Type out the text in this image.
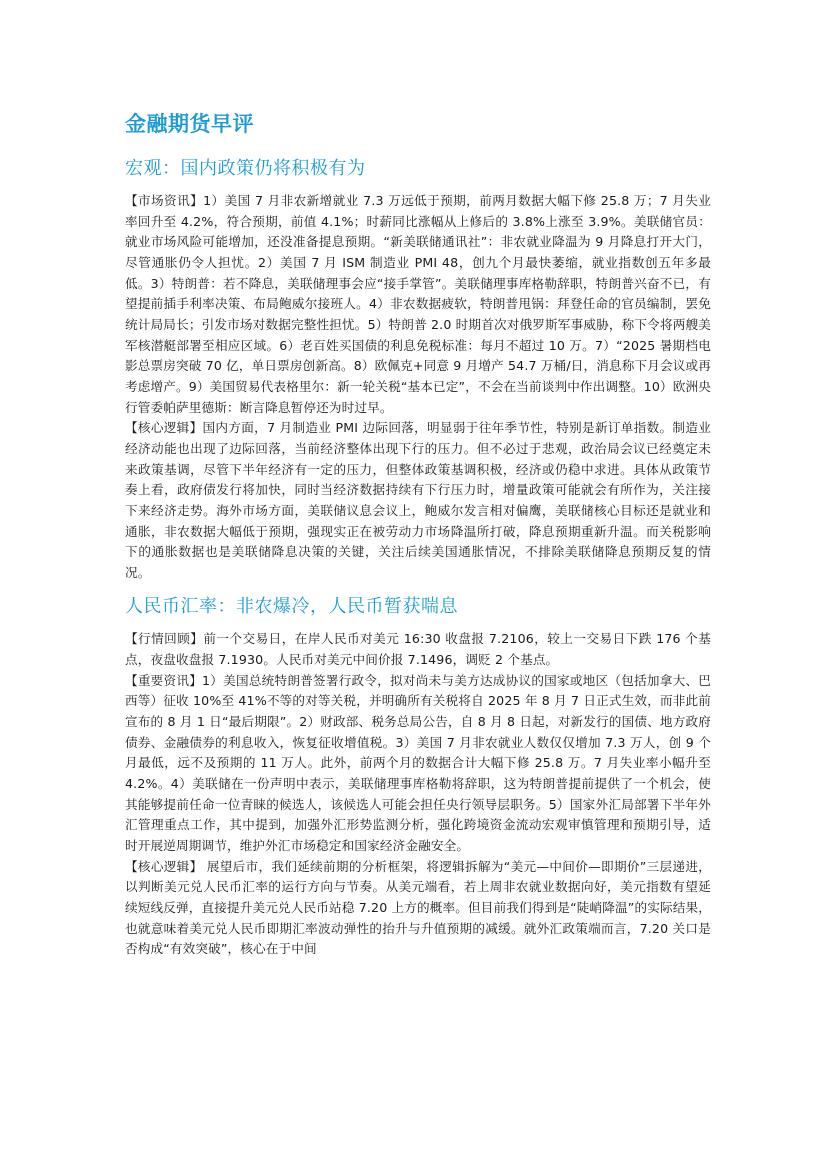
金融期货早评
宏观：国内政策仍将积极有为

【市场资讯】1）美国 7 月非农新增就业 7.3 万远低于预期，前两月数据大幅下修 25.8 万；7 月失业率回升至 4.2%，符合预期，前值 4.1%；时薪同比涨幅从上修后的 3.8%上涨至 3.9%。美联储官员：就业市场风险可能增加，还没准备提息预期。“新美联储通讯社”：非农就业降温为 9 月降息打开大门，尽管通胀仍令人担忧。2）美国 7 月 ISM 制造业 PMI 48，创九个月最快萎缩，就业指数创五年多最低。3）特朗普：若不降息，美联储理事会应“接手掌管”。美联储理事库格勒辞职，特朗普兴奋不已，有望提前插手利率决策、布局鲍威尔接班人。4）非农数据疲软，特朗普甩锅：拜登任命的官员编制，罢免统计局局长；引发市场对数据完整性担忧。5）特朗普 2.0 时期首次对俄罗斯军事威胁，称下令将两艘美军核潜艇部署至相应区域。6）老百姓买国债的利息免税标准：每月不超过 10 万。7）“2025 暑期档电影总票房突破 70 亿，单日票房创新高。8）欧佩克+同意 9 月增产 54.7 万桶/日，消息称下月会议或再考虑增产。9）美国贸易代表格里尔：新一轮关税“基本已定”，不会在当前谈判中作出调整。10）欧洲央行管委帕萨里德斯：断言降息暂停还为时过早。

【核心逻辑】国内方面，7 月制造业 PMI 边际回落，明显弱于往年季节性，特别是新订单指数。制造业经济动能也出现了边际回落，当前经济整体出现下行的压力。但不必过于悲观，政治局会议已经奠定未来政策基调，尽管下半年经济有一定的压力，但整体政策基调积极，经济或仍稳中求进。具体从政策节奏上看，政府债发行将加快，同时当经济数据持续有下行压力时，增量政策可能就会有所作为，关注接下来经济走势。海外市场方面，美联储议息会议上，鲍威尔发言相对偏鹰，美联储核心目标还是就业和通胀，非农数据大幅低于预期，强现实正在被劳动力市场降温所打破，降息预期重新升温。而关税影响下的通胀数据也是美联储降息决策的关键，关注后续美国通胀情况，不排除美联储降息预期反复的情况。

人民币汇率：非农爆冷，人民币暂获喘息

【行情回顾】前一个交易日，在岸人民币对美元 16:30 收盘报 7.2106，较上一交易日下跌 176 个基点，夜盘收盘报 7.1930。人民币对美元中间价报 7.1496，调贬 2 个基点。

【重要资讯】1）美国总统特朗普签署行政令，拟对尚未与美方达成协议的国家或地区（包括加拿大、巴西等）征收 10%至 41%不等的对等关税，并明确所有关税将自 2025 年 8 月 7 日正式生效，而非此前宣布的 8 月 1 日“最后期限”。2）财政部、税务总局公告，自 8 月 8 日起，对新发行的国债、地方政府债券、金融债券的利息收入，恢复征收增值税。3）美国 7 月非农就业人数仅仅增加 7.3 万人，创 9 个月最低，远不及预期的 11 万人。此外，前两个月的数据合计大幅下修 25.8 万。7 月失业率小幅升至 4.2%。4）美联储在一份声明中表示，美联储理事库格勒将辞职，这为特朗普提前提供了一个机会，使其能够提前任命一位青睐的候选人，该候选人可能会担任央行领导层职务。5）国家外汇局部署下半年外汇管理重点工作，其中提到，加强外汇形势监测分析，强化跨境资金流动宏观审慎管理和预期引导，适时开展逆周期调节，维护外汇市场稳定和国家经济金融安全。

【核心逻辑】 展望后市，我们延续前期的分析框架，将逻辑拆解为“美元—中间价—即期价”三层递进，以判断美元兑人民币汇率的运行方向与节奏。从美元端看，若上周非农就业数据向好，美元指数有望延续短线反弹，直接提升美元兑人民币站稳 7.20 上方的概率。但目前我们得到是“陡峭降温”的实际结果，也就意味着美元兑人民币即期汇率波动弹性的抬升与升值预期的减缓。就外汇政策端而言，7.20 关口是否构成“有效突破”，核心在于中间
